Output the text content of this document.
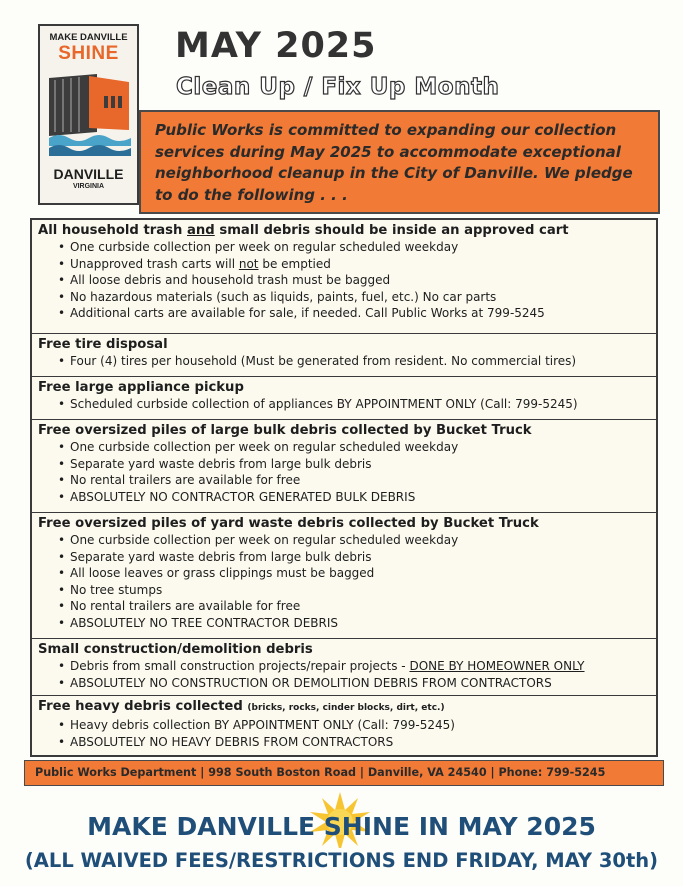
MAKE DANVILLE
SHINE
DANVILLE
VIRGINIA
MAY 2025
Clean Up / Fix Up Month

Public Works is committed to expanding our collection services during May 2025 to accommodate exceptional neighborhood cleanup in the City of Danville. We pledge to do the following . . .

All household trash and small debris should be inside an approved cart
• One curbside collection per week on regular scheduled weekday
• Unapproved trash carts will not be emptied
• All loose debris and household trash must be bagged
• No hazardous materials (such as liquids, paints, fuel, etc.) No car parts
• Additional carts are available for sale, if needed. Call Public Works at 799-5245
Free tire disposal
• Four (4) tires per household (Must be generated from resident. No commercial tires)
Free large appliance pickup
• Scheduled curbside collection of appliances BY APPOINTMENT ONLY (Call: 799-5245)
Free oversized piles of large bulk debris collected by Bucket Truck
• One curbside collection per week on regular scheduled weekday
• Separate yard waste debris from large bulk debris
• No rental trailers are available for free
• ABSOLUTELY NO CONTRACTOR GENERATED BULK DEBRIS
Free oversized piles of yard waste debris collected by Bucket Truck
• One curbside collection per week on regular scheduled weekday
• Separate yard waste debris from large bulk debris
• All loose leaves or grass clippings must be bagged
• No tree stumps
• No rental trailers are available for free
• ABSOLUTELY NO TREE CONTRACTOR DEBRIS
Small construction/demolition debris
• Debris from small construction projects/repair projects - DONE BY HOMEOWNER ONLY
• ABSOLUTELY NO CONSTRUCTION OR DEMOLITION DEBRIS FROM CONTRACTORS
Free heavy debris collected (bricks, rocks, cinder blocks, dirt, etc.)
• Heavy debris collection BY APPOINTMENT ONLY (Call: 799-5245)
• ABSOLUTELY NO HEAVY DEBRIS FROM CONTRACTORS
Public Works Department | 998 South Boston Road | Danville, VA 24540 | Phone: 799-5245
MAKE DANVILLE SHINE IN MAY 2025
(ALL WAIVED FEES/RESTRICTIONS END FRIDAY, MAY 30th)
